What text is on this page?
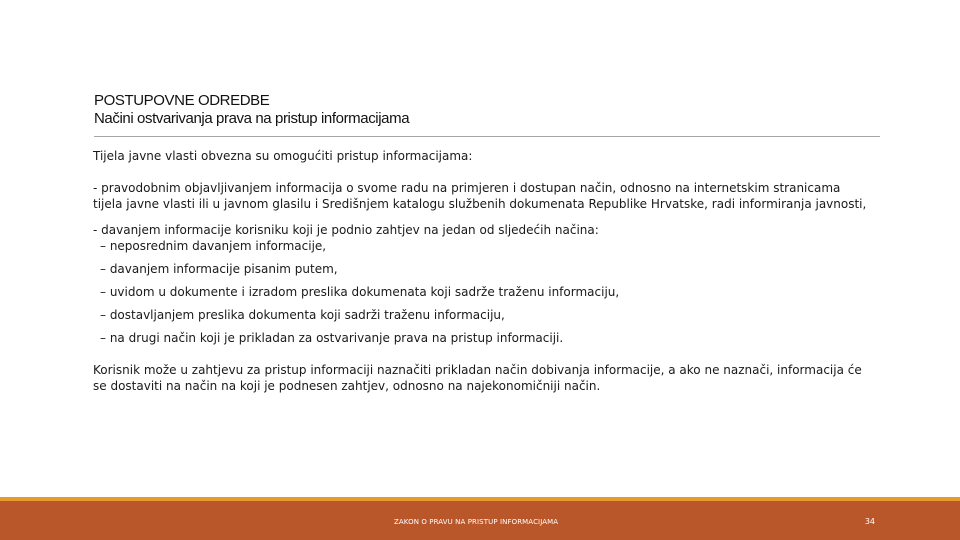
POSTUPOVNE ODREDBE
Načini ostvarivanja prava na pristup informacijama

Tijela javne vlasti obvezna su omogućiti pristup informacijama:

- pravodobnim objavljivanjem informacija o svome radu na primjeren i dostupan način, odnosno na internetskim stranicama tijela javne vlasti ili u javnom glasilu i Središnjem katalogu službenih dokumenata Republike Hrvatske, radi informiranja javnosti,

- davanjem informacije korisniku koji je podnio zahtjev na jedan od sljedećih načina:

– neposrednim davanjem informacije,
– davanjem informacije pisanim putem,
– uvidom u dokumente i izradom preslika dokumenata koji sadrže traženu informaciju,
– dostavljanjem preslika dokumenta koji sadrži traženu informaciju,
– na drugi način koji je prikladan za ostvarivanje prava na pristup informaciji.

Korisnik može u zahtjevu za pristup informaciji naznačiti prikladan način dobivanja informacije, a ako ne naznači, informacija će se dostaviti na način na koji je podnesen zahtjev, odnosno na najekonomičniji način.

ZAKON O PRAVU NA PRISTUP INFORMACIJAMA	34
